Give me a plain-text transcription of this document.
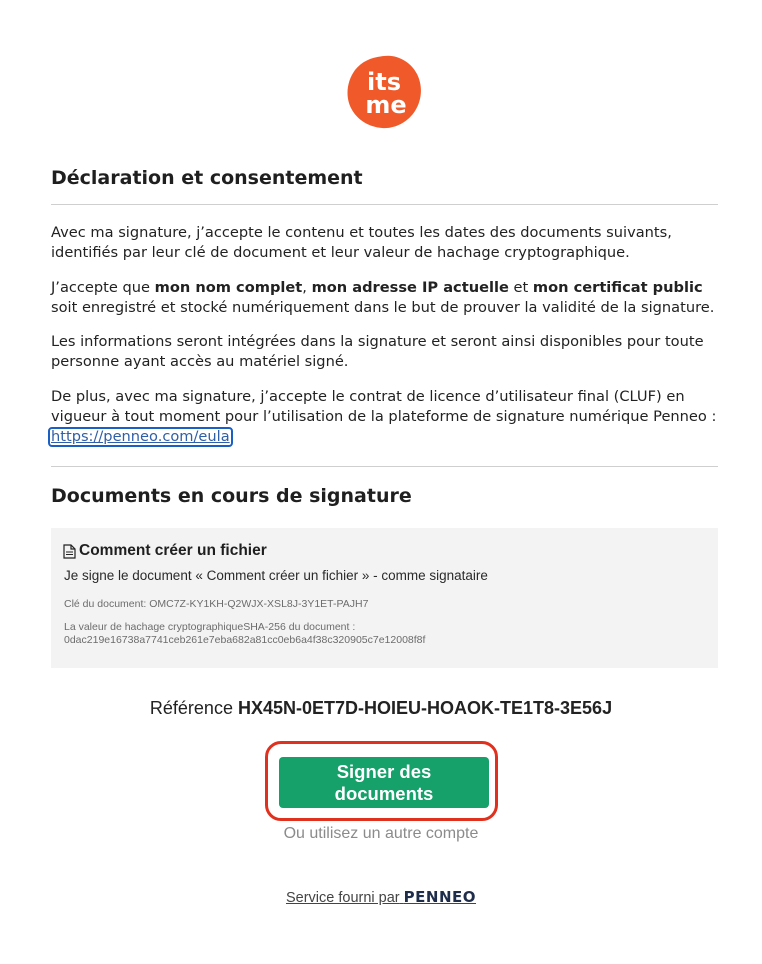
its
me
Déclaration et consentement
Avec ma signature, j’accepte le contenu et toutes les dates des documents suivants, identifiés par leur clé de document et leur valeur de hachage cryptographique.
J’accepte que mon nom complet, mon adresse IP actuelle et mon certificat public soit enregistré et stocké numériquement dans le but de prouver la validité de la signature.
Les informations seront intégrées dans la signature et seront ainsi disponibles pour toute personne ayant accès au matériel signé.
De plus, avec ma signature, j’accepte le contrat de licence d’utilisateur final (CLUF) en vigueur à tout moment pour l’utilisation de la plateforme de signature numérique Penneo :
https://penneo.com/eula
Documents en cours de signature
Comment créer un fichier
Je signe le document « Comment créer un fichier » - comme signataire
Clé du document: OMC7Z-KY1KH-Q2WJX-XSL8J-3Y1ET-PAJH7
La valeur de hachage cryptographiqueSHA-256 du document :
0dac219e16738a7741ceb261e7eba682a81cc0eb6a4f38c320905c7e12008f8f
Référence HX45N-0ET7D-HOIEU-HOAOK-TE1T8-3E56J
Signer des documents
Ou utilisez un autre compte
Service fourni par PENNEO
